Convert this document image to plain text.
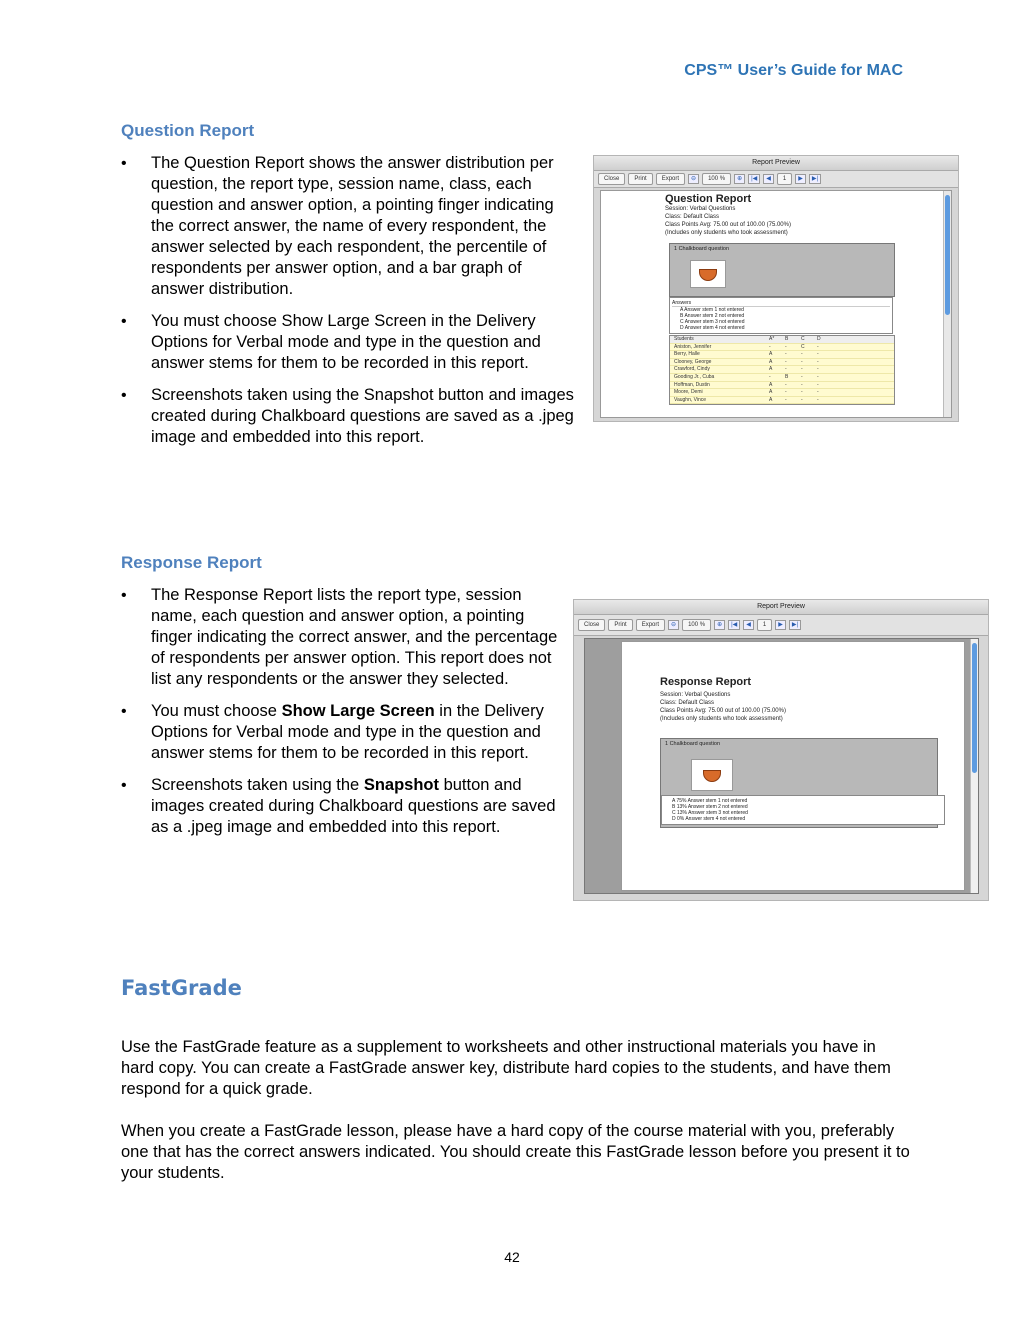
CPS™ User’s Guide for MAC
Question Report
• The Question Report shows the answer distribution per question, the report type, session name, class, each question and answer option, a pointing finger indicating the correct answer, the name of every respondent, the answer selected by each respondent, the percentile of respondents per answer option, and a bar graph of answer distribution.
• You must choose Show Large Screen in the Delivery Options for Verbal mode and type in the question and answer stems for them to be recorded in this report.
• Screenshots taken using the Snapshot button and images created during Chalkboard questions are saved as a .jpeg image and embedded into this report.
Report Preview
Close	Print	Export	⊖	100 %	⊕	|◀	◀	1	▶	▶|
Question Report
Session: Verbal Questions
Class: Default Class
Class Points Avg: 75.00 out of 100.00 (75.00%)
(Includes only students who took assessment)
1 Chalkboard question
Answers
A Answer stem 1 not entered
B Answer stem 2 not entered
C Answer stem 3 not entered
D Answer stem 4 not entered
Students	A*	B	C	D
Aniston, Jennifer	-	-	C	-
Berry, Halle	A	-	-	-
Clooney, George	A	-	-	-
Crawford, Cindy	A	-	-	-
Gooding Jr., Cuba	-	B	-	-
Hoffman, Dustin	A	-	-	-
Moore, Demi	A	-	-	-
Vaughn, Vince	A	-	-	-
Response Report
• The Response Report lists the report type, session name, each question and answer option, a pointing finger indicating the correct answer, and the percentage of respondents per answer option. This report does not list any respondents or the answer they selected.
• You must choose Show Large Screen in the Delivery Options for Verbal mode and type in the question and answer stems for them to be recorded in this report.
• Screenshots taken using the Snapshot button and images created during Chalkboard questions are saved as a .jpeg image and embedded into this report.
Report Preview
Close	Print	Export	⊖	100 %	⊕	|◀	◀	1	▶	▶|
Response Report
Session: Verbal Questions
Class: Default Class
Class Points Avg: 75.00 out of 100.00 (75.00%)
(Includes only students who took assessment)
1 Chalkboard question
A 75% Answer stem 1 not entered
B 13% Answer stem 2 not entered
C 13% Answer stem 3 not entered
D 0% Answer stem 4 not entered
FastGrade

Use the FastGrade feature as a supplement to worksheets and other instructional materials you have in hard copy. You can create a FastGrade answer key, distribute hard copies to the students, and have them respond for a quick grade.

When you create a FastGrade lesson, please have a hard copy of the course material with you, preferably one that has the correct answers indicated. You should create this FastGrade lesson before you present it to your students.

42
